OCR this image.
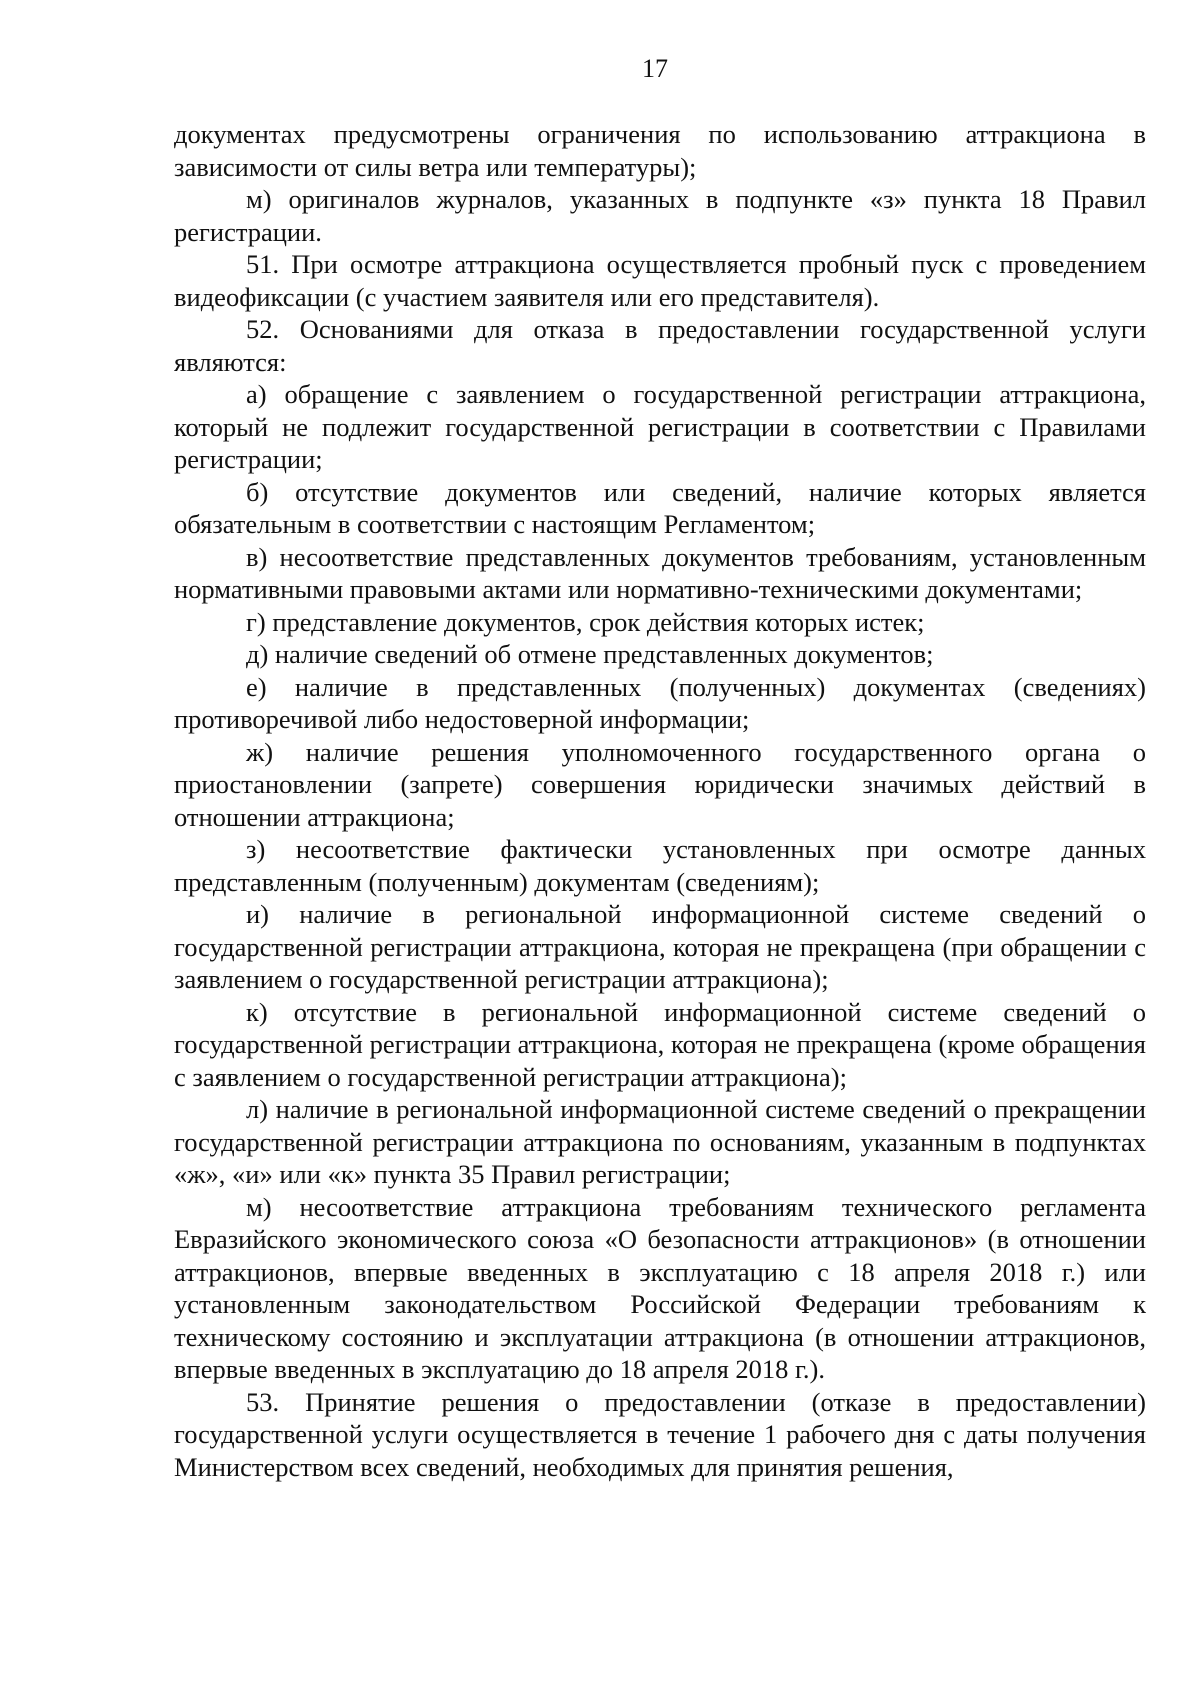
17

документах предусмотрены ограничения по использованию аттракциона в зависимости от силы ветра или температуры);

м) оригиналов журналов, указанных в подпункте «з» пункта 18 Правил регистрации.

51. При осмотре аттракциона осуществляется пробный пуск с проведением видеофиксации (с участием заявителя или его представителя).

52. Основаниями для отказа в предоставлении государственной услуги являются:

а) обращение с заявлением о государственной регистрации аттракциона, который не подлежит государственной регистрации в соответствии с Правилами регистрации;

б) отсутствие документов или сведений, наличие которых является обязательным в соответствии с настоящим Регламентом;

в) несоответствие представленных документов требованиям, установленным нормативными правовыми актами или нормативно-техническими документами;

г) представление документов, срок действия которых истек;

д) наличие сведений об отмене представленных документов;

е) наличие в представленных (полученных) документах (сведениях) противоречивой либо недостоверной информации;

ж) наличие решения уполномоченного государственного органа о приостановлении (запрете) совершения юридически значимых действий в отношении аттракциона;

з) несоответствие фактически установленных при осмотре данных представленным (полученным) документам (сведениям);

и) наличие в региональной информационной системе сведений о государственной регистрации аттракциона, которая не прекращена (при обращении с заявлением о государственной регистрации аттракциона);

к) отсутствие в региональной информационной системе сведений о государственной регистрации аттракциона, которая не прекращена (кроме обращения с заявлением о государственной регистрации аттракциона);

л) наличие в региональной информационной системе сведений о прекращении государственной регистрации аттракциона по основаниям, указанным в подпунктах «ж», «и» или «к» пункта 35 Правил регистрации;

м) несоответствие аттракциона требованиям технического регламента Евразийского экономического союза «О безопасности аттракционов» (в отношении аттракционов, впервые введенных в эксплуатацию с 18 апреля 2018 г.) или установленным законодательством Российской Федерации требованиям к техническому состоянию и эксплуатации аттракциона (в отношении аттракционов, впервые введенных в эксплуатацию до 18 апреля 2018 г.).

53. Принятие решения о предоставлении (отказе в предоставлении) государственной услуги осуществляется в течение 1 рабочего дня с даты получения Министерством всех сведений, необходимых для принятия решения,
